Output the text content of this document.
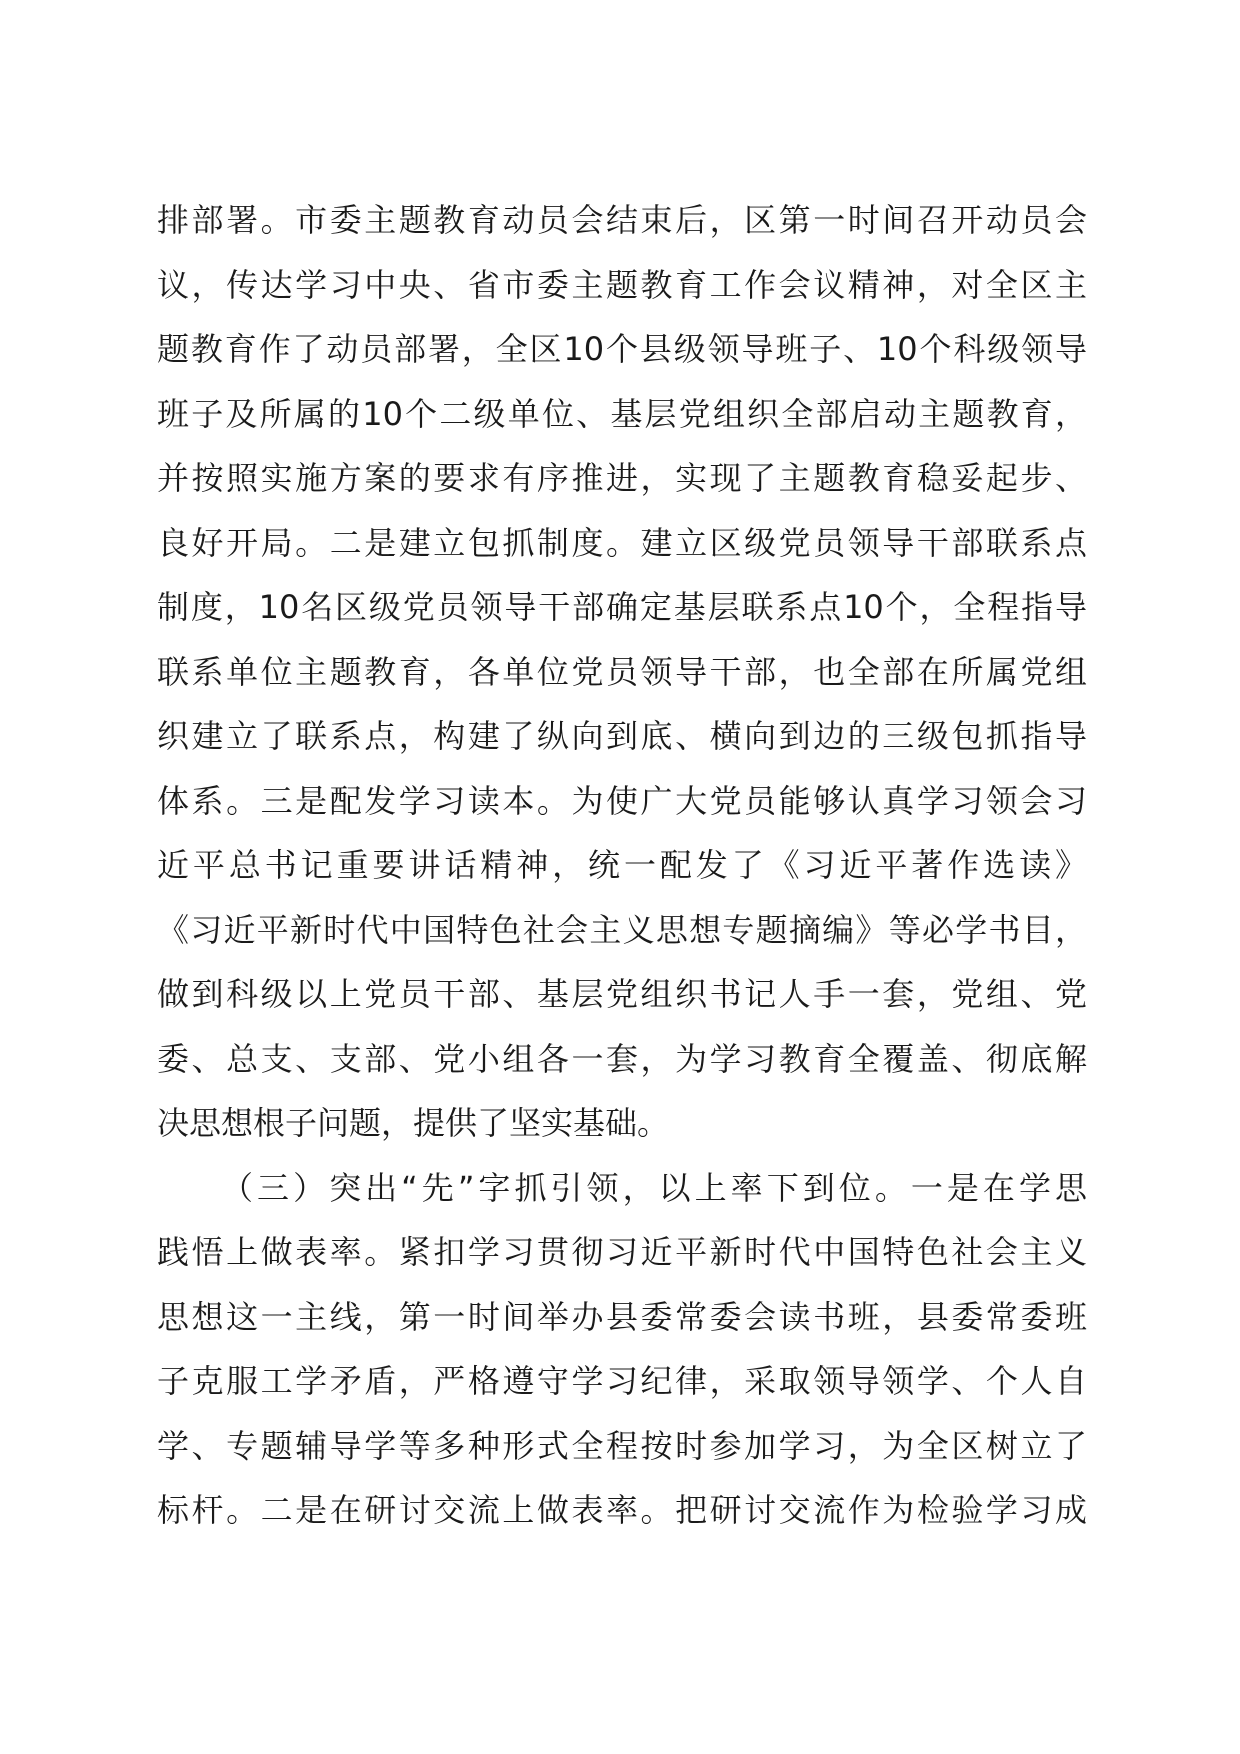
排部署。市委主题教育动员会结束后，区第一时间召开动员会
议，传达学习中央、省市委主题教育工作会议精神，对全区主
题教育作了动员部署，全区10个县级领导班子、10个科级领导
班子及所属的10个二级单位、基层党组织全部启动主题教育，
并按照实施方案的要求有序推进，实现了主题教育稳妥起步、
良好开局。二是建立包抓制度。建立区级党员领导干部联系点
制度，10名区级党员领导干部确定基层联系点10个，全程指导
联系单位主题教育，各单位党员领导干部，也全部在所属党组
织建立了联系点，构建了纵向到底、横向到边的三级包抓指导
体系。三是配发学习读本。为使广大党员能够认真学习领会习
近平总书记重要讲话精神，统一配发了《习近平著作选读》
《习近平新时代中国特色社会主义思想专题摘编》等必学书目，
做到科级以上党员干部、基层党组织书记人手一套，党组、党
委、总支、支部、党小组各一套，为学习教育全覆盖、彻底解
决思想根子问题，提供了坚实基础。
（三）突出“先”字抓引领，以上率下到位。一是在学思
践悟上做表率。紧扣学习贯彻习近平新时代中国特色社会主义
思想这一主线，第一时间举办县委常委会读书班，县委常委班
子克服工学矛盾，严格遵守学习纪律，采取领导领学、个人自
学、专题辅导学等多种形式全程按时参加学习，为全区树立了
标杆。二是在研讨交流上做表率。把研讨交流作为检验学习成
